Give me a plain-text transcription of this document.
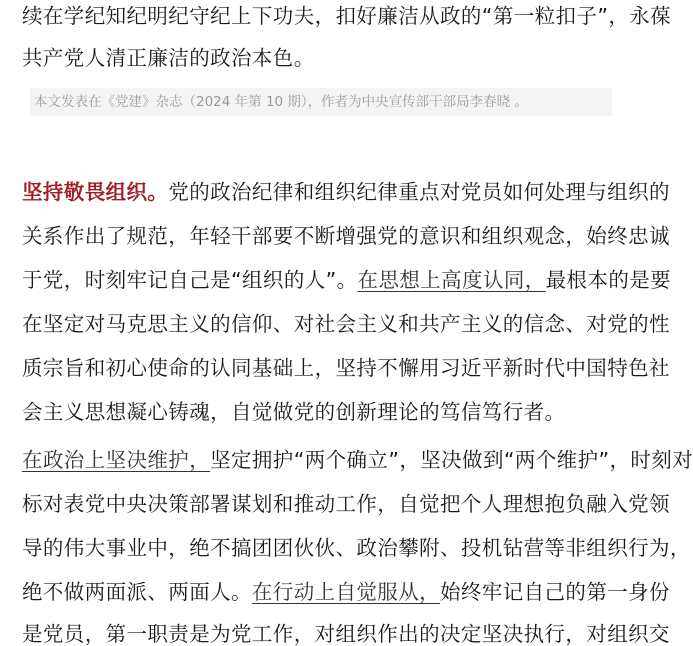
续在学纪知纪明纪守纪上下功夫，扣好廉洁从政的“第一粒扣子”，永葆
共产党人清正廉洁的政治本色。
本文发表在《党建》杂志（2024 年第 10 期），作者为中央宣传部干部局李春晓 。
坚持敬畏组织。党的政治纪律和组织纪律重点对党员如何处理与组织的
关系作出了规范，年轻干部要不断增强党的意识和组织观念，始终忠诚
于党，时刻牢记自己是“组织的人”。在思想上高度认同，最根本的是要
在坚定对马克思主义的信仰、对社会主义和共产主义的信念、对党的性
质宗旨和初心使命的认同基础上，坚持不懈用习近平新时代中国特色社
会主义思想凝心铸魂，自觉做党的创新理论的笃信笃行者。
在政治上坚决维护，坚定拥护“两个确立”，坚决做到“两个维护”，时刻对
标对表党中央决策部署谋划和推动工作，自觉把个人理想抱负融入党领
导的伟大事业中，绝不搞团团伙伙、政治攀附、投机钻营等非组织行为，
绝不做两面派、两面人。在行动上自觉服从，始终牢记自己的第一身份
是党员，第一职责是为党工作，对组织作出的决定坚决执行，对组织交
